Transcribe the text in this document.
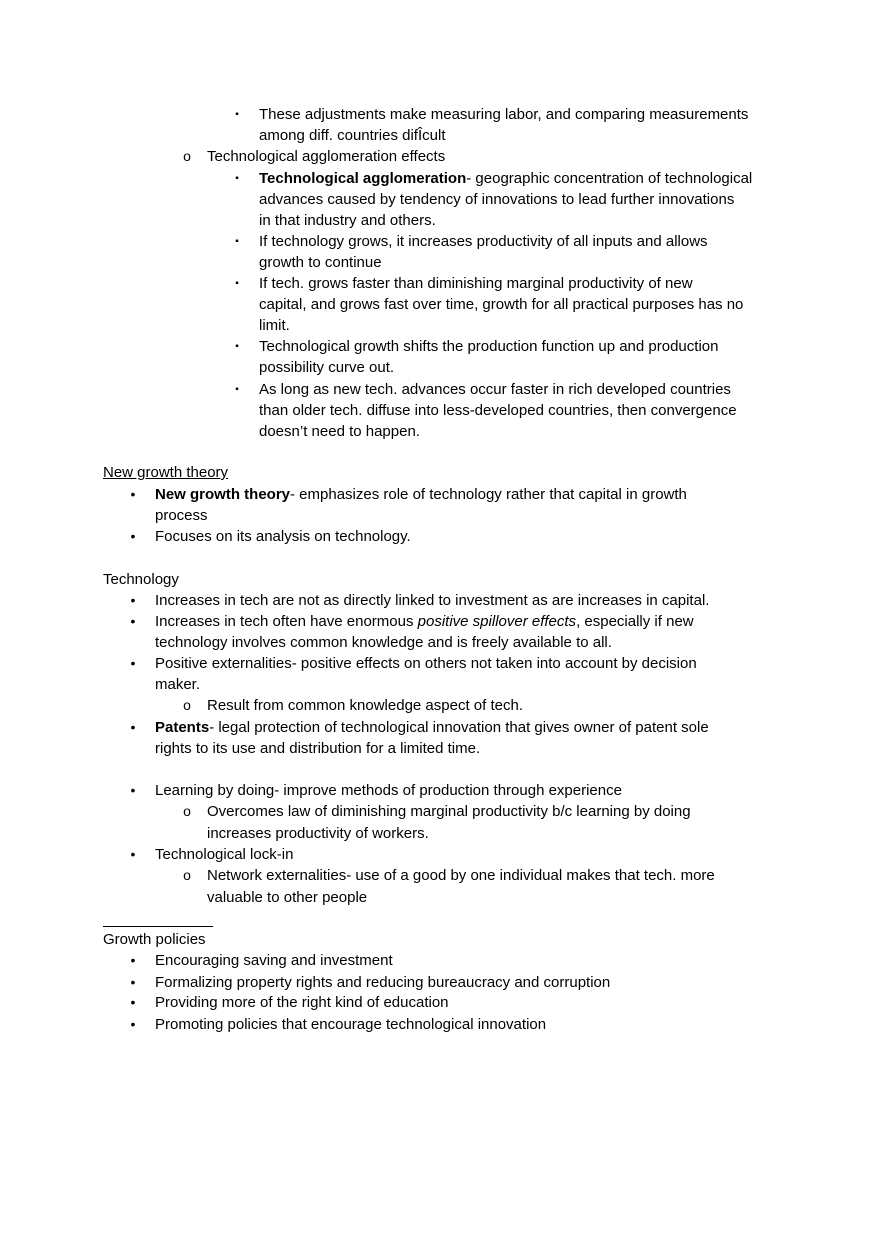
▪ These adjustments make measuring labor, and comparing measurements
among diff. countries difÎcult
o Technological agglomeration effects
▪ Technological agglomeration- geographic concentration of technological
advances caused by tendency of innovations to lead further innovations
in that industry and others.
▪ If technology grows, it increases productivity of all inputs and allows
growth to continue
▪ If tech. grows faster than diminishing marginal productivity of new
capital, and grows fast over time, growth for all practical purposes has no
limit.
▪ Technological growth shifts the production function up and production
possibility curve out.
▪ As long as new tech. advances occur faster in rich developed countries
than older tech. diffuse into less-developed countries, then convergence
doesn’t need to happen.
New growth theory
• New growth theory- emphasizes role of technology rather that capital in growth
process
• Focuses on its analysis on technology.
Technology
• Increases in tech are not as directly linked to investment as are increases in capital.
• Increases in tech often have enormous positive spillover effects, especially if new
technology involves common knowledge and is freely available to all.
• Positive externalities- positive effects on others not taken into account by decision
maker.
o Result from common knowledge aspect of tech.
• Patents- legal protection of technological innovation that gives owner of patent sole
rights to its use and distribution for a limited time.
• Learning by doing- improve methods of production through experience
o Overcomes law of diminishing marginal productivity b/c learning by doing
increases productivity of workers.
• Technological lock-in
o Network externalities- use of a good by one individual makes that tech. more
valuable to other people
Growth policies
• Encouraging saving and investment
• Formalizing property rights and reducing bureaucracy and corruption
• Providing more of the right kind of education
• Promoting policies that encourage technological innovation
